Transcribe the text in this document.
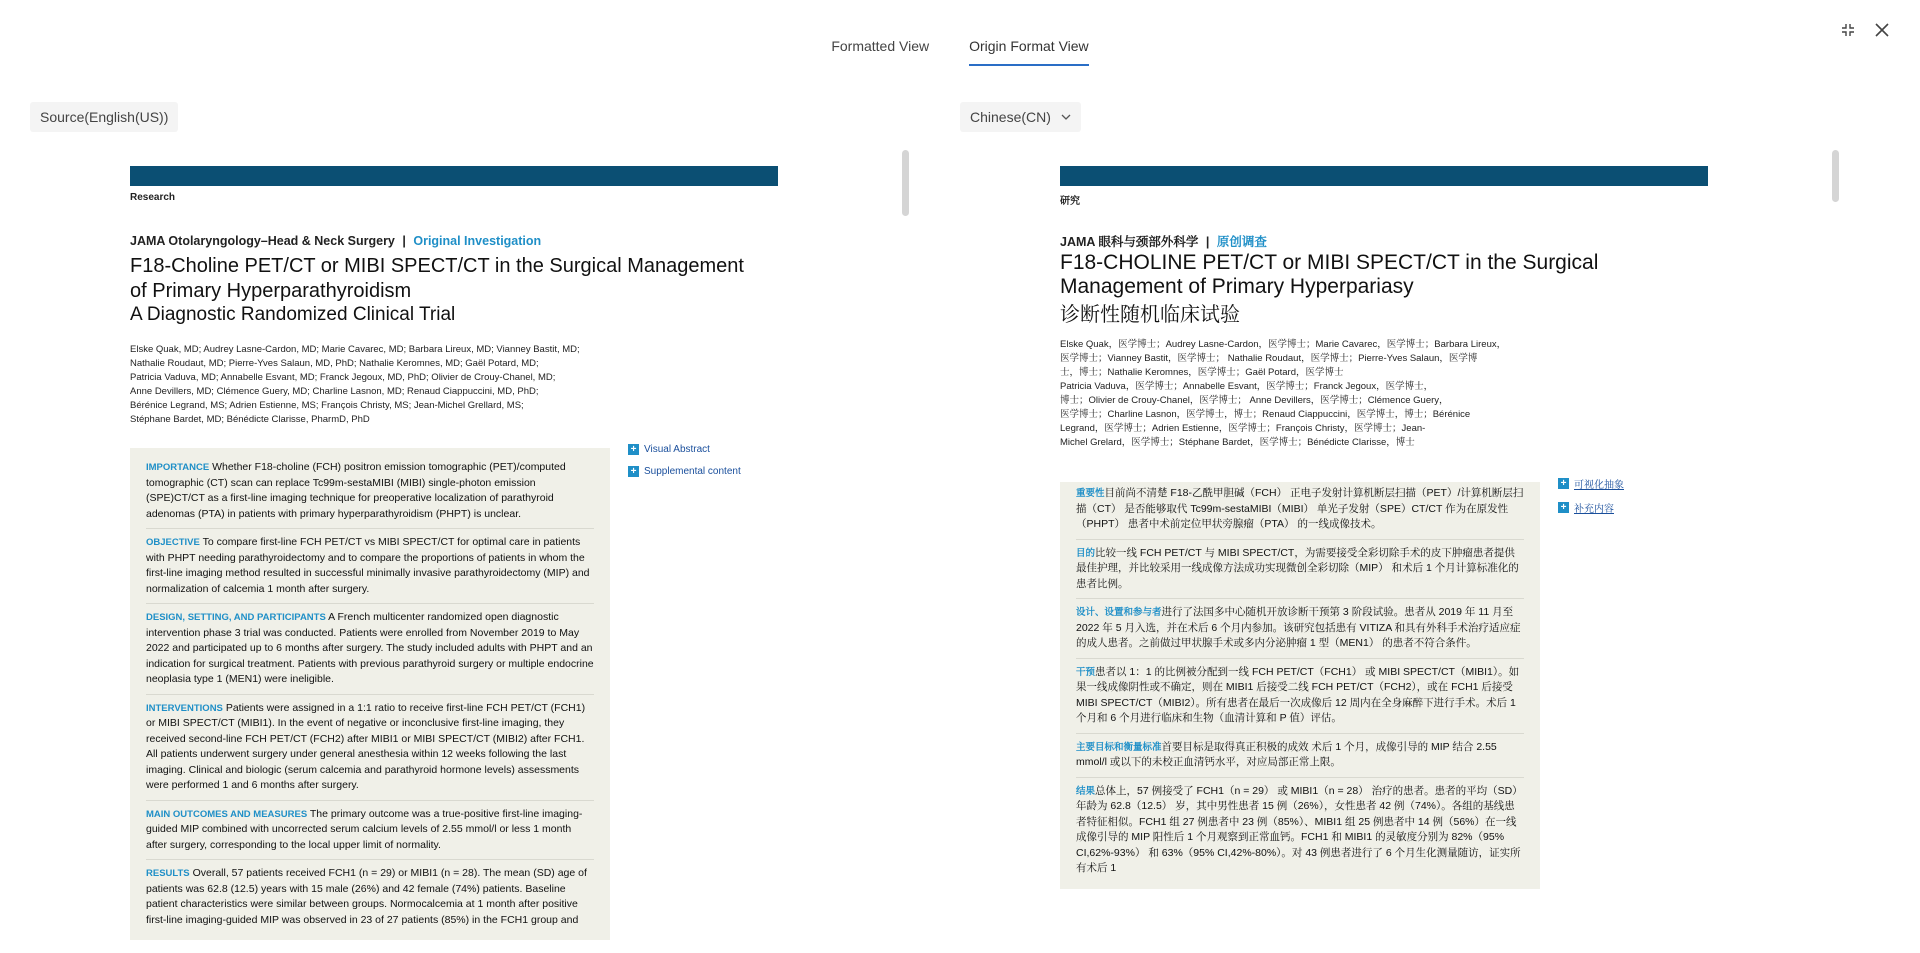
Formatted View	Origin Format View
Source(English(US))	Chinese(CN)
Research
JAMA Otolaryngology–Head & Neck Surgery | Original Investigation
F18-Choline PET/CT or MIBI SPECT/CT in the Surgical Management
of Primary Hyperparathyroidism
A Diagnostic Randomized Clinical Trial
Elske Quak, MD; Audrey Lasne-Cardon, MD; Marie Cavarec, MD; Barbara Lireux, MD; Vianney Bastit, MD;
Nathalie Roudaut, MD; Pierre-Yves Salaun, MD, PhD; Nathalie Keromnes, MD; Gaël Potard, MD;
Patricia Vaduva, MD; Annabelle Esvant, MD; Franck Jegoux, MD, PhD; Olivier de Crouy-Chanel, MD;
Anne Devillers, MD; Clémence Guery, MD; Charline Lasnon, MD; Renaud Ciappuccini, MD, PhD;
Bérénice Legrand, MS; Adrien Estienne, MS; François Christy, MS; Jean-Michel Grellard, MS;
Stéphane Bardet, MD; Bénédicte Clarisse, PharmD, PhD
+ Visual Abstract
+ Supplemental content
IMPORTANCE Whether F18-choline (FCH) positron emission tomographic (PET)/computed tomographic (CT) scan can replace Tc99m-sestaMIBI (MIBI) single-photon emission (SPE)CT/CT as a first-line imaging technique for preoperative localization of parathyroid adenomas (PTA) in patients with primary hyperparathyroidism (PHPT) is unclear.
OBJECTIVE To compare first-line FCH PET/CT vs MIBI SPECT/CT for optimal care in patients with PHPT needing parathyroidectomy and to compare the proportions of patients in whom the first-line imaging method resulted in successful minimally invasive parathyroidectomy (MIP) and normalization of calcemia 1 month after surgery.
DESIGN, SETTING, AND PARTICIPANTS A French multicenter randomized open diagnostic intervention phase 3 trial was conducted. Patients were enrolled from November 2019 to May 2022 and participated up to 6 months after surgery. The study included adults with PHPT and an indication for surgical treatment. Patients with previous parathyroid surgery or multiple endocrine neoplasia type 1 (MEN1) were ineligible.
INTERVENTIONS Patients were assigned in a 1:1 ratio to receive first-line FCH PET/CT (FCH1) or MIBI SPECT/CT (MIBI1). In the event of negative or inconclusive first-line imaging, they received second-line FCH PET/CT (FCH2) after MIBI1 or MIBI SPECT/CT (MIBI2) after FCH1. All patients underwent surgery under general anesthesia within 12 weeks following the last imaging. Clinical and biologic (serum calcemia and parathyroid hormone levels) assessments were performed 1 and 6 months after surgery.
MAIN OUTCOMES AND MEASURES The primary outcome was a true-positive first-line imaging-guided MIP combined with uncorrected serum calcium levels of 2.55 mmol/l or less 1 month after surgery, corresponding to the local upper limit of normality.
RESULTS Overall, 57 patients received FCH1 (n = 29) or MIBI1 (n = 28). The mean (SD) age of patients was 62.8 (12.5) years with 15 male (26%) and 42 female (74%) patients. Baseline patient characteristics were similar between groups. Normocalcemia at 1 month after positive first-line imaging-guided MIP was observed in 23 of 27 patients (85%) in the FCH1 group and
研究
JAMA 眼科与颈部外科学 | 原创调查
F18-CHOLINE PET/CT or MIBI SPECT/CT in the Surgical
Management of Primary Hyperpariasy
诊断性随机临床试验
Elske Quak，医学博士；Audrey Lasne-Cardon，医学博士；Marie Cavarec，医学博士；Barbara Lireux，
医学博士；Vianney Bastit，医学博士； Nathalie Roudaut，医学博士；Pierre-Yves Salaun，医学博
士，博士；Nathalie Keromnes，医学博士；Gaël Potard，医学博士
Patricia Vaduva，医学博士；Annabelle Esvant，医学博士；Franck Jegoux，医学博士，
博士；Olivier de Crouy-Chanel，医学博士； Anne Devillers，医学博士；Clémence Guery，
医学博士；Charline Lasnon，医学博士，博士；Renaud Ciappuccini，医学博士，博士；Bérénice
Legrand，医学博士；Adrien Estienne，医学博士；François Christy，医学博士；Jean-
Michel Grelard，医学博士；Stéphane Bardet，医学博士；Bénédicte Clarisse，博士
+ 可视化抽象
+ 补充内容
重要性目前尚不清楚 F18-乙酰甲胆碱（FCH） 正电子发射计算机断层扫描（PET）/计算机断层扫描（CT） 是否能够取代 Tc99m-sestaMIBI（MIBI） 单光子发射（SPE）CT/CT 作为在原发性 （PHPT） 患者中术前定位甲状旁腺瘤（PTA） 的一线成像技术。
目的比较一线 FCH PET/CT 与 MIBI SPECT/CT，为需要接受全彩切除手术的皮下肿瘤患者提供最佳护理，并比较采用一线成像方法成功实现微创全彩切除（MIP） 和术后 1 个月计算标准化的患者比例。
设计、设置和参与者进行了法国多中心随机开放诊断干预第 3 阶段试验。患者从 2019 年 11 月至 2022 年 5 月入选，并在术后 6 个月内参加。该研究包括患有 VITIZA 和具有外科手术治疗适应症的成人患者。之前做过甲状腺手术或多内分泌肿瘤 1 型（MEN1） 的患者不符合条件。
干预患者以 1：1 的比例被分配到一线 FCH PET/CT（FCH1） 或 MIBI SPECT/CT（MIBI1）。如果一线成像阴性或不确定，则在 MIBI1 后接受二线 FCH PET/CT（FCH2），或在 FCH1 后接受 MIBI SPECT/CT（MIBI2）。所有患者在最后一次成像后 12 周内在全身麻醉下进行手术。术后 1 个月和 6 个月进行临床和生物（血清计算和 P 值）评估。
主要目标和衡量标准首要目标是取得真正积极的成效 术后 1 个月，成像引导的 MIP 结合 2.55 mmol/l 或以下的未校正血清钙水平，对应局部正常上限。
结果总体上，57 例接受了 FCH1（n = 29） 或 MIBI1（n = 28） 治疗的患者。患者的平均（SD） 年龄为 62.8（12.5） 岁，其中男性患者 15 例（26%），女性患者 42 例（74%）。各组的基线患者特征相似。FCH1 组 27 例患者中 23 例（85%）、MIBI1 组 25 例患者中 14 例（56%）在一线成像引导的 MIP 阳性后 1 个月观察到正常血钙。FCH1 和 MIBI1 的灵敏度分别为 82%（95% CI,62%-93%） 和 63%（95% CI,42%-80%）。对 43 例患者进行了 6 个月生化测量随访，证实所有术后 1
